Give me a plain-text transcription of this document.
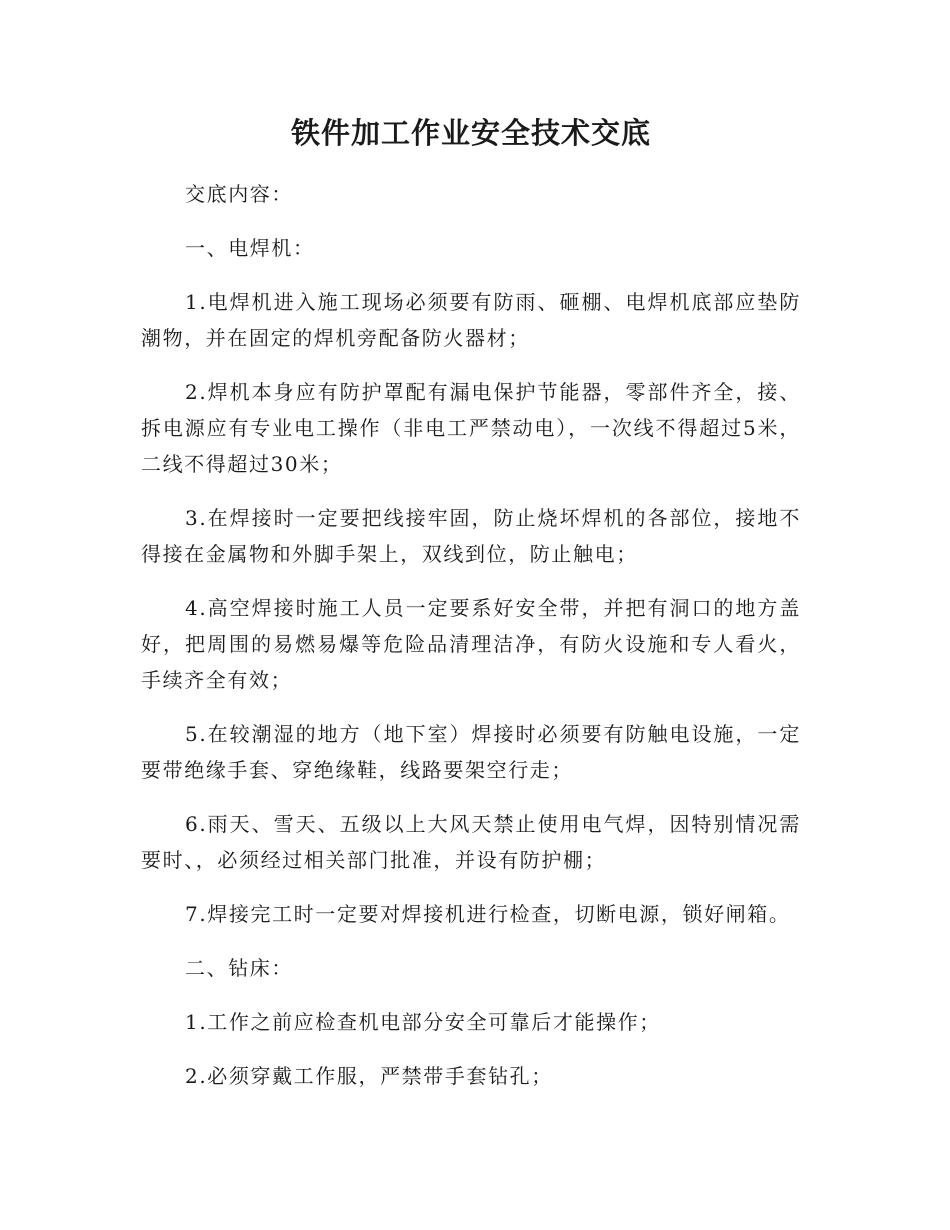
铁件加工作业安全技术交底

交底内容：

一、电焊机：

1.电焊机进入施工现场必须要有防雨、砸棚、电焊机底部应垫防潮物，并在固定的焊机旁配备防火器材；

2.焊机本身应有防护罩配有漏电保护节能器，零部件齐全，接、拆电源应有专业电工操作（非电工严禁动电），一次线不得超过5米，二线不得超过30米；

3.在焊接时一定要把线接牢固，防止烧坏焊机的各部位，接地不得接在金属物和外脚手架上，双线到位，防止触电；

4.高空焊接时施工人员一定要系好安全带，并把有洞口的地方盖好，把周围的易燃易爆等危险品清理洁净，有防火设施和专人看火，手续齐全有效；

5.在较潮湿的地方（地下室）焊接时必须要有防触电设施，一定要带绝缘手套、穿绝缘鞋，线路要架空行走；

6.雨天、雪天、五级以上大风天禁止使用电气焊，因特别情况需要时、，必须经过相关部门批准，并设有防护棚；

7.焊接完工时一定要对焊接机进行检查，切断电源，锁好闸箱。

二、钻床：

1.工作之前应检查机电部分安全可靠后才能操作；

2.必须穿戴工作服，严禁带手套钻孔；
